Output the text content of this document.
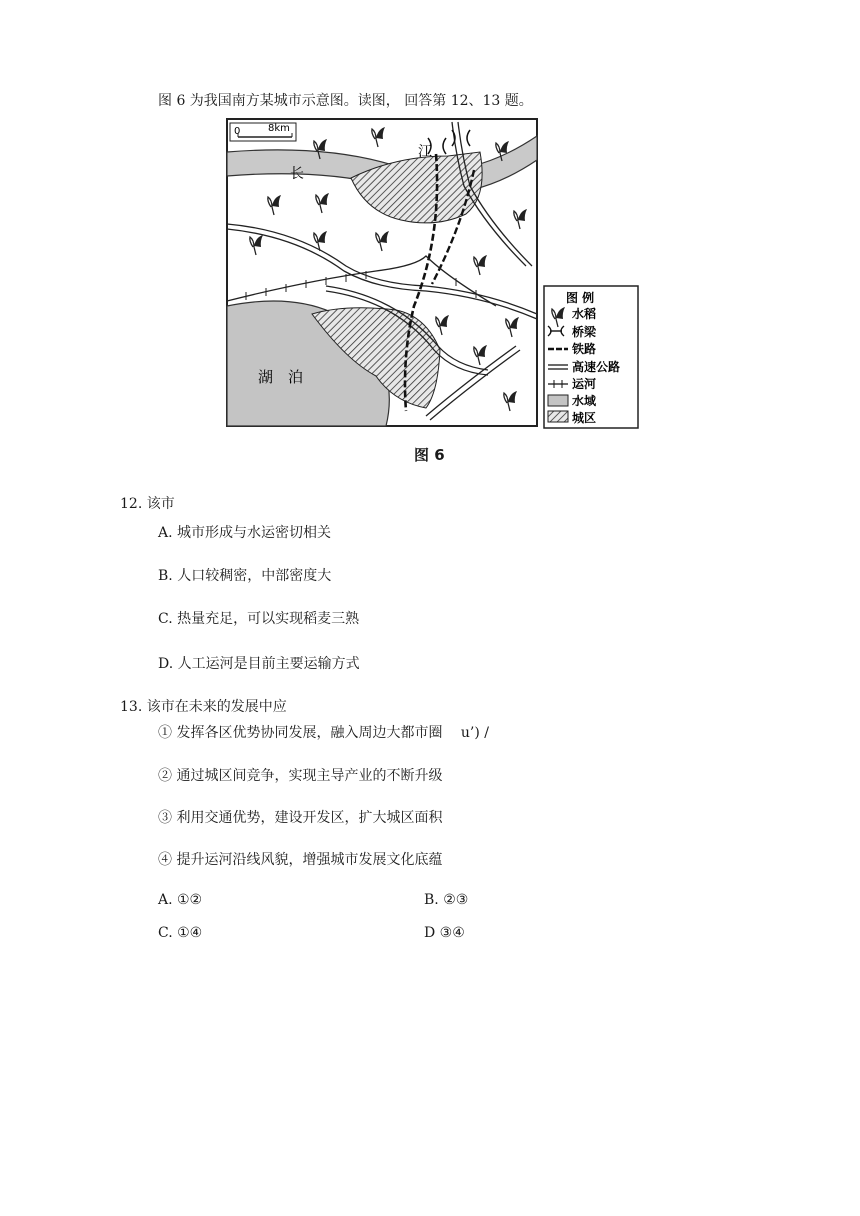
图 6 为我国南方某城市示意图。读图， 回答第 12、13 题。
0	8km
长
江
湖　泊
图 例
水稻
桥梁
铁路
高速公路
运河
水域
城区
图 6
12. 该市
A. 城市形成与水运密切相关
B. 人口较稠密，中部密度大
C. 热量充足，可以实现稻麦三熟
D. 人工运河是目前主要运输方式
13. 该市在未来的发展中应
① 发挥各区优势协同发展，融入周边大都市圈　 u’) /
② 通过城区间竞争，实现主导产业的不断升级
③ 利用交通优势，建设开发区，扩大城区面积
④ 提升运河沿线风貌，增强城市发展文化底蕴
A. ①②	B. ②③
C. ①④	D ③④
